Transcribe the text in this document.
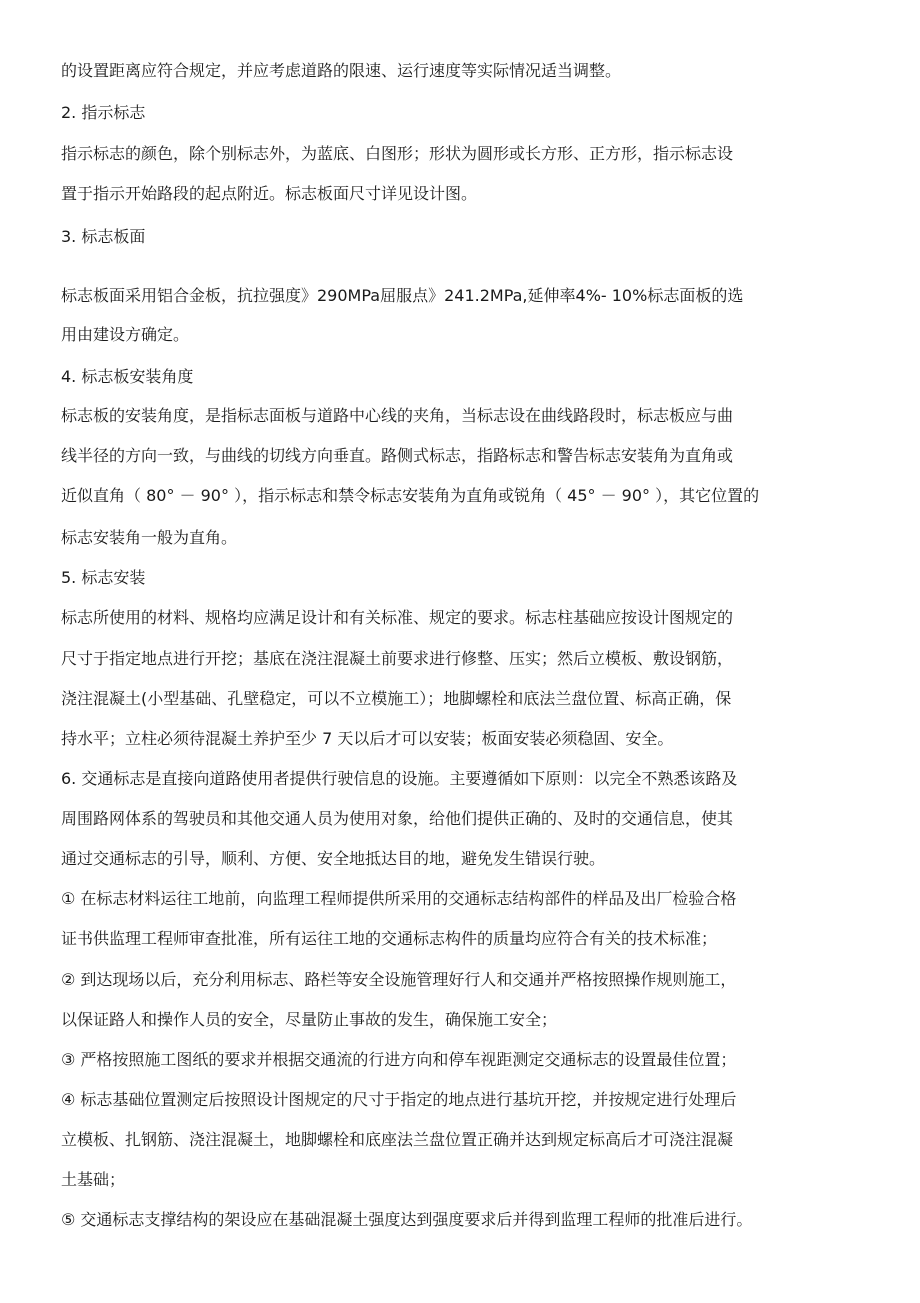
的设置距离应符合规定，并应考虑道路的限速、运行速度等实际情况适当调整。
2. 指示标志
指示标志的颜色，除个别标志外，为蓝底、白图形；形状为圆形或长方形、正方形，指示标志设
置于指示开始路段的起点附近。标志板面尺寸详见设计图。
3. 标志板面
标志板面采用铝合金板，抗拉强度》290MPa屈服点》241.2MPa,延伸率4%- 10%标志面板的选
用由建设方确定。
4. 标志板安装角度
标志板的安装角度，是指标志面板与道路中心线的夹角，当标志设在曲线路段时，标志板应与曲
线半径的方向一致，与曲线的切线方向垂直。路侧式标志，指路标志和警告标志安装角为直角或
近似直角（ 80° － 90° ），指示标志和禁令标志安装角为直角或锐角（ 45° － 90° ），其它位置的
标志安装角一般为直角。
5. 标志安装
标志所使用的材料、规格均应满足设计和有关标准、规定的要求。标志柱基础应按设计图规定的
尺寸于指定地点进行开挖；基底在浇注混凝土前要求进行修整、压实；然后立模板、敷设钢筋，
浇注混凝土(小型基础、孔壁稳定，可以不立模施工）；地脚螺栓和底法兰盘位置、标高正确，保
持水平；立柱必须待混凝土养护至少 7 天以后才可以安装；板面安装必须稳固、安全。
6. 交通标志是直接向道路使用者提供行驶信息的设施。主要遵循如下原则：以完全不熟悉该路及
周围路网体系的驾驶员和其他交通人员为使用对象，给他们提供正确的、及时的交通信息，使其
通过交通标志的引导，顺利、方便、安全地抵达目的地，避免发生错误行驶。
① 在标志材料运往工地前，向监理工程师提供所采用的交通标志结构部件的样品及出厂检验合格
证书供监理工程师审查批准，所有运往工地的交通标志构件的质量均应符合有关的技术标准；
② 到达现场以后，充分利用标志、路栏等安全设施管理好行人和交通并严格按照操作规则施工，
以保证路人和操作人员的安全，尽量防止事故的发生，确保施工安全；
③ 严格按照施工图纸的要求并根据交通流的行进方向和停车视距测定交通标志的设置最佳位置；
④ 标志基础位置测定后按照设计图规定的尺寸于指定的地点进行基坑开挖，并按规定进行处理后
立模板、扎钢筋、浇注混凝土，地脚螺栓和底座法兰盘位置正确并达到规定标高后才可浇注混凝
土基础；
⑤ 交通标志支撑结构的架设应在基础混凝土强度达到强度要求后并得到监理工程师的批准后进行。
